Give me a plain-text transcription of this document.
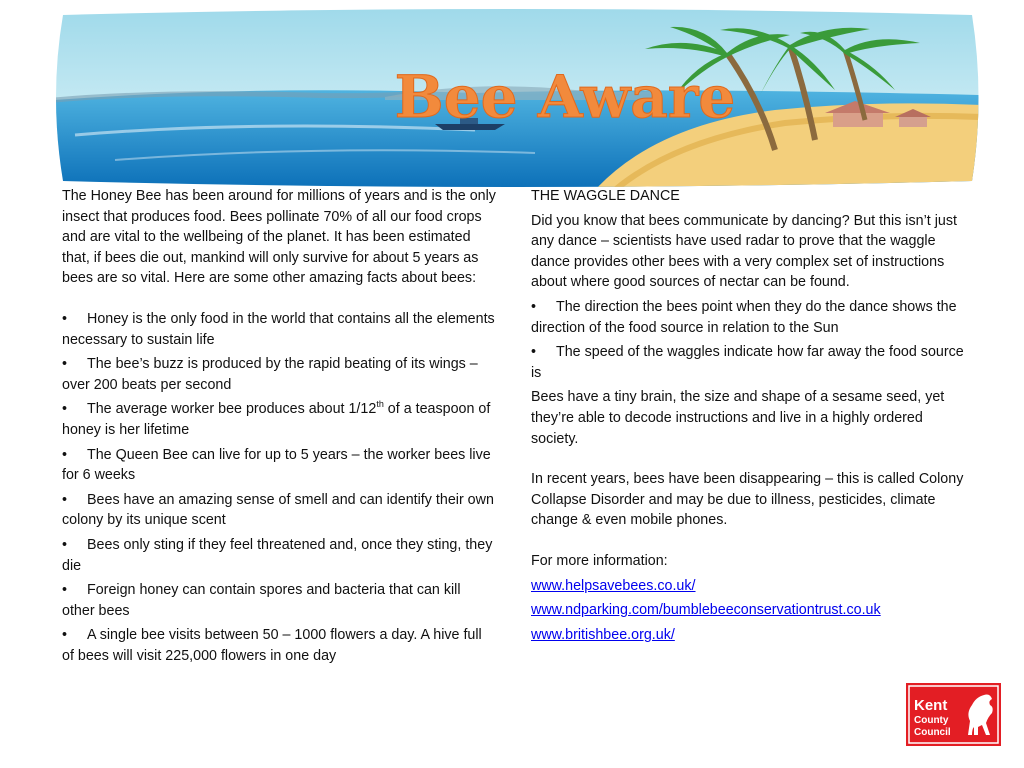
Bee Aware

The Honey Bee has been around for millions of years and is the only insect that produces food. Bees pollinate 70% of all our food crops and are vital to the wellbeing of the planet. It has been estimated that, if bees die out, mankind will only survive for about 5 years as bees are so vital. Here are some other amazing facts about bees:

• Honey is the only food in the world that contains all the elements necessary to sustain life

• The bee’s buzz is produced by the rapid beating of its wings – over 200 beats per second

• The average worker bee produces about 1/12th of a teaspoon of honey is her lifetime

• The Queen Bee can live for up to 5 years – the worker bees live for 6 weeks

• Bees have an amazing sense of smell and can identify their own colony by its unique scent

• Bees only sting if they feel threatened and, once they sting, they die

• Foreign honey can contain spores and bacteria that can kill other bees

• A single bee visits between 50 – 1000 flowers a day. A hive full of bees will visit 225,000 flowers in one day

THE WAGGLE DANCE

Did you know that bees communicate by dancing? But this isn’t just any dance – scientists have used radar to prove that the waggle dance provides other bees with a very complex set of instructions about where good sources of nectar can be found.

• The direction the bees point when they do the dance shows the direction of the food source in relation to the Sun

• The speed of the waggles indicate how far away the food source is

Bees have a tiny brain, the size and shape of a sesame seed, yet they’re able to decode instructions and live in a highly ordered society.

In recent years, bees have been disappearing – this is called Colony Collapse Disorder and may be due to illness, pesticides, climate change & even mobile phones.

For more information:

www.helpsavebees.co.uk/
www.ndparking.com/bumblebeeconservationtrust.co.uk
www.britishbee.org.uk/
Kent
County
Council
